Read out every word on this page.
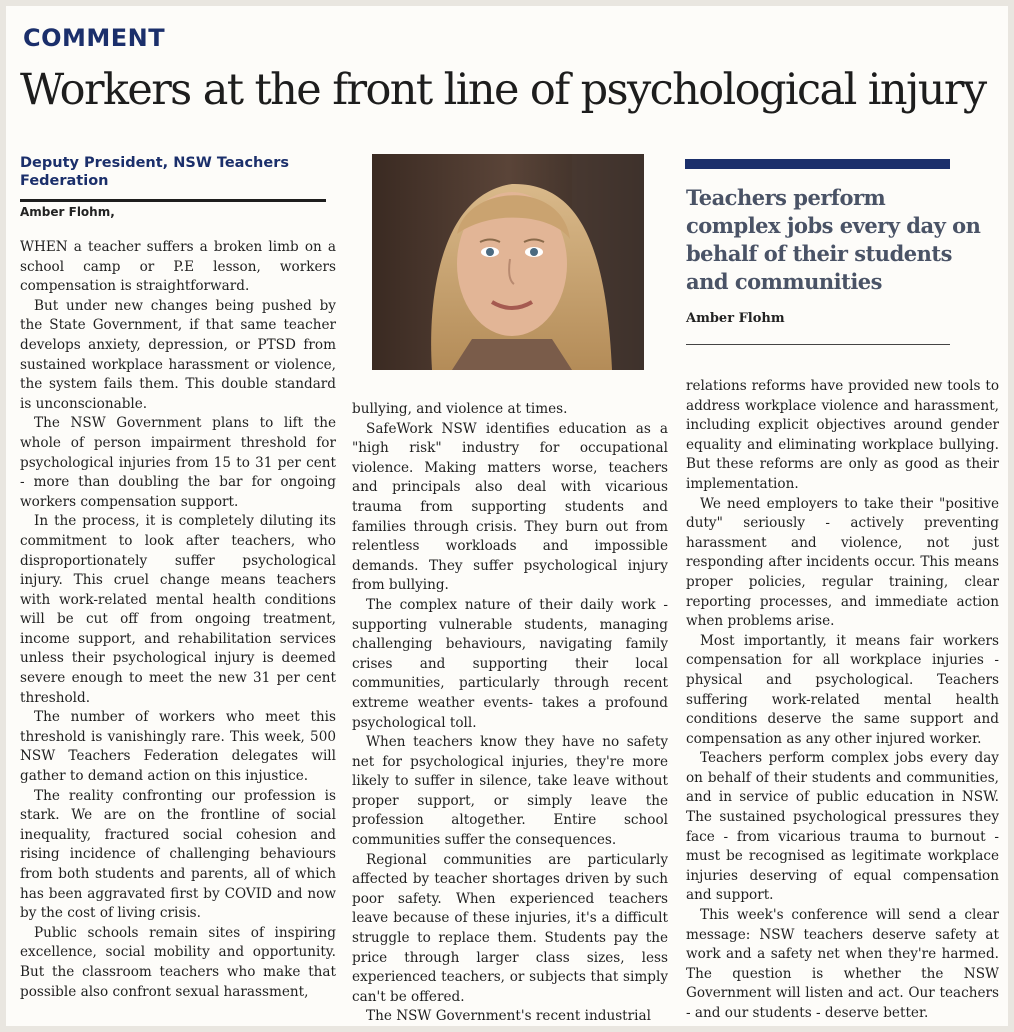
COMMENT
Workers at the front line of psychological injury
Deputy President, NSW Teachers Federation
Amber Flohm,
Teachers perform complex jobs every day on behalf of their students and communities
Amber Flohm

WHEN a teacher suffers a broken limb on a school camp or P.E lesson, workers compensation is straightforward.

But under new changes being pushed by the State Government, if that same teacher develops anxiety, depression, or PTSD from sustained workplace harassment or violence, the system fails them. This double standard is unconscionable.

The NSW Government plans to lift the whole of person impairment threshold for psychological injuries from 15 to 31 per cent - more than doubling the bar for ongoing workers compensation support.

In the process, it is completely diluting its commitment to look after teachers, who disproportionately suffer psychological injury. This cruel change means teachers with work-related mental health conditions will be cut off from ongoing treatment, income support, and rehabilitation services unless their psychological injury is deemed severe enough to meet the new 31 per cent threshold.

The number of workers who meet this threshold is vanishingly rare. This week, 500 NSW Teachers Federation delegates will gather to demand action on this injustice.

The reality confronting our profession is stark. We are on the frontline of social inequality, fractured social cohesion and rising incidence of challenging behaviours from both students and parents, all of which has been aggravated first by COVID and now by the cost of living crisis.

Public schools remain sites of inspiring excellence, social mobility and opportunity. But the classroom teachers who make that possible also confront sexual harassment,

bullying, and violence at times.

SafeWork NSW identifies education as a "high risk" industry for occupational violence. Making matters worse, teachers and principals also deal with vicarious trauma from supporting students and families through crisis. They burn out from relentless workloads and impossible demands. They suffer psychological injury from bullying.

The complex nature of their daily work - supporting vulnerable students, managing challenging behaviours, navigating family crises and supporting their local communities, particularly through recent extreme weather events- takes a profound psychological toll.

When teachers know they have no safety net for psychological injuries, they're more likely to suffer in silence, take leave without proper support, or simply leave the profession altogether. Entire school communities suffer the consequences.

Regional communities are particularly affected by teacher shortages driven by such poor safety. When experienced teachers leave because of these injuries, it's a difficult struggle to replace them. Students pay the price through larger class sizes, less experienced teachers, or subjects that simply can't be offered.

The NSW Government's recent industrial

relations reforms have provided new tools to address workplace violence and harassment, including explicit objectives around gender equality and eliminating workplace bullying. But these reforms are only as good as their implementation.

We need employers to take their "positive duty" seriously - actively preventing harassment and violence, not just responding after incidents occur. This means proper policies, regular training, clear reporting processes, and immediate action when problems arise.

Most importantly, it means fair workers compensation for all workplace injuries - physical and psychological. Teachers suffering work-related mental health conditions deserve the same support and compensation as any other injured worker.

Teachers perform complex jobs every day on behalf of their students and communities, and in service of public education in NSW. The sustained psychological pressures they face - from vicarious trauma to burnout - must be recognised as legitimate workplace injuries deserving of equal compensation and support.

This week's conference will send a clear message: NSW teachers deserve safety at work and a safety net when they're harmed. The question is whether the NSW Government will listen and act. Our teachers - and our students - deserve better.
